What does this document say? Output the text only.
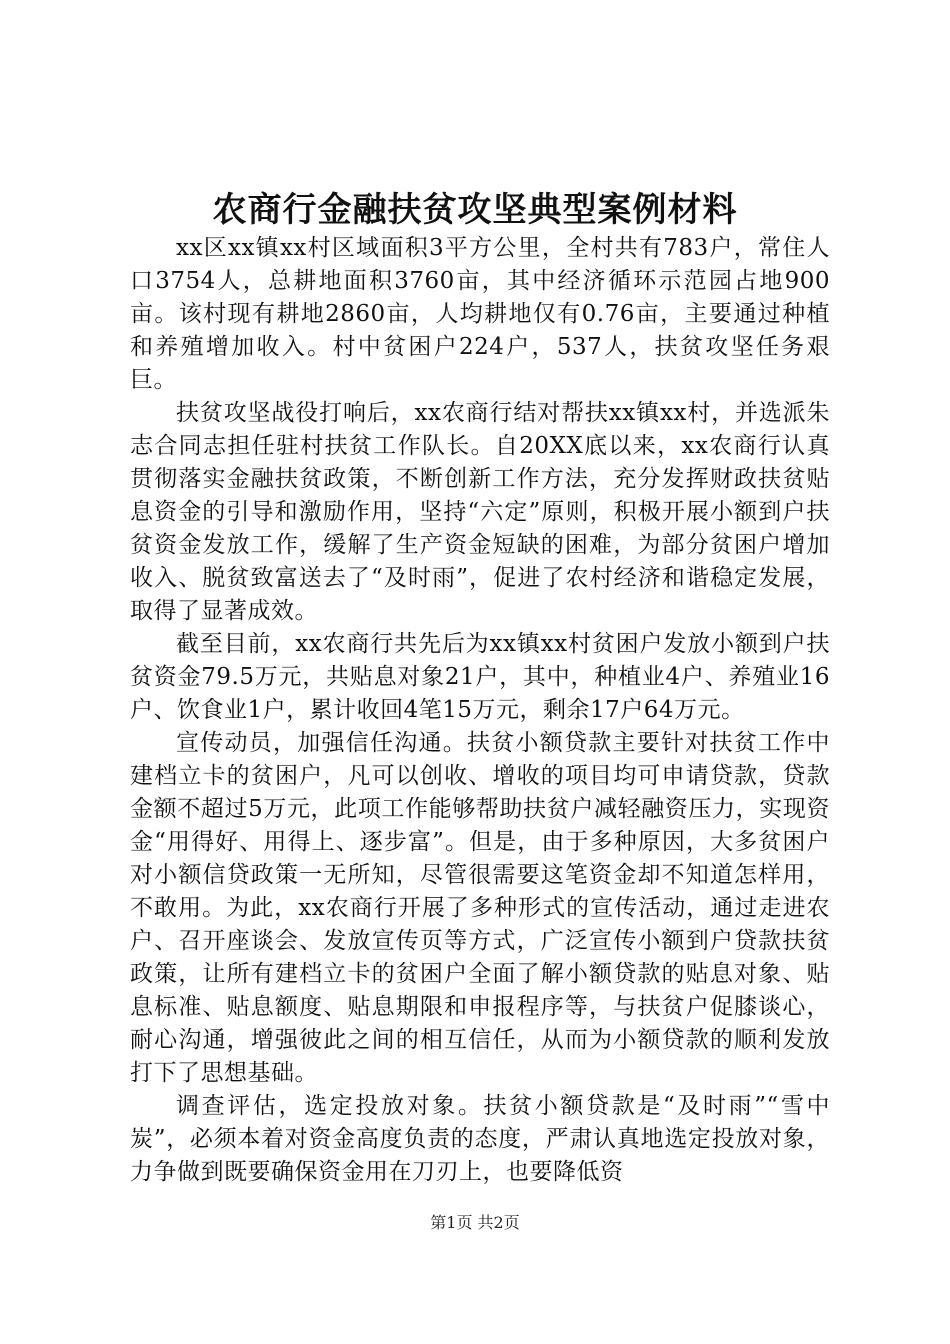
农商行金融扶贫攻坚典型案例材料

xx区xx镇xx村区域面积3平方公里，全村共有783户，常住人口3754人，总耕地面积3760亩，其中经济循环示范园占地900亩。该村现有耕地2860亩，人均耕地仅有0.76亩，主要通过种植和养殖增加收入。村中贫困户224户，537人，扶贫攻坚任务艰巨。

扶贫攻坚战役打响后，xx农商行结对帮扶xx镇xx村，并选派朱志合同志担任驻村扶贫工作队长。自20XX底以来，xx农商行认真贯彻落实金融扶贫政策，不断创新工作方法，充分发挥财政扶贫贴息资金的引导和激励作用，坚持“六定”原则，积极开展小额到户扶贫资金发放工作，缓解了生产资金短缺的困难，为部分贫困户增加收入、脱贫致富送去了“及时雨”，促进了农村经济和谐稳定发展，取得了显著成效。

截至目前，xx农商行共先后为xx镇xx村贫困户发放小额到户扶贫资金79.5万元，共贴息对象21户，其中，种植业4户、养殖业16户、饮食业1户，累计收回4笔15万元，剩余17户64万元。

宣传动员，加强信任沟通。扶贫小额贷款主要针对扶贫工作中建档立卡的贫困户，凡可以创收、增收的项目均可申请贷款，贷款金额不超过5万元，此项工作能够帮助扶贫户减轻融资压力，实现资金“用得好、用得上、逐步富”。但是，由于多种原因，大多贫困户对小额信贷政策一无所知，尽管很需要这笔资金却不知道怎样用，不敢用。为此，xx农商行开展了多种形式的宣传活动，通过走进农户、召开座谈会、发放宣传页等方式，广泛宣传小额到户贷款扶贫政策，让所有建档立卡的贫困户全面了解小额贷款的贴息对象、贴息标准、贴息额度、贴息期限和申报程序等，与扶贫户促膝谈心，耐心沟通，增强彼此之间的相互信任，从而为小额贷款的顺利发放打下了思想基础。

调查评估，选定投放对象。扶贫小额贷款是“及时雨”“雪中炭”，必须本着对资金高度负责的态度，严肃认真地选定投放对象，力争做到既要确保资金用在刀刃上，也要降低资

第1页 共2页
